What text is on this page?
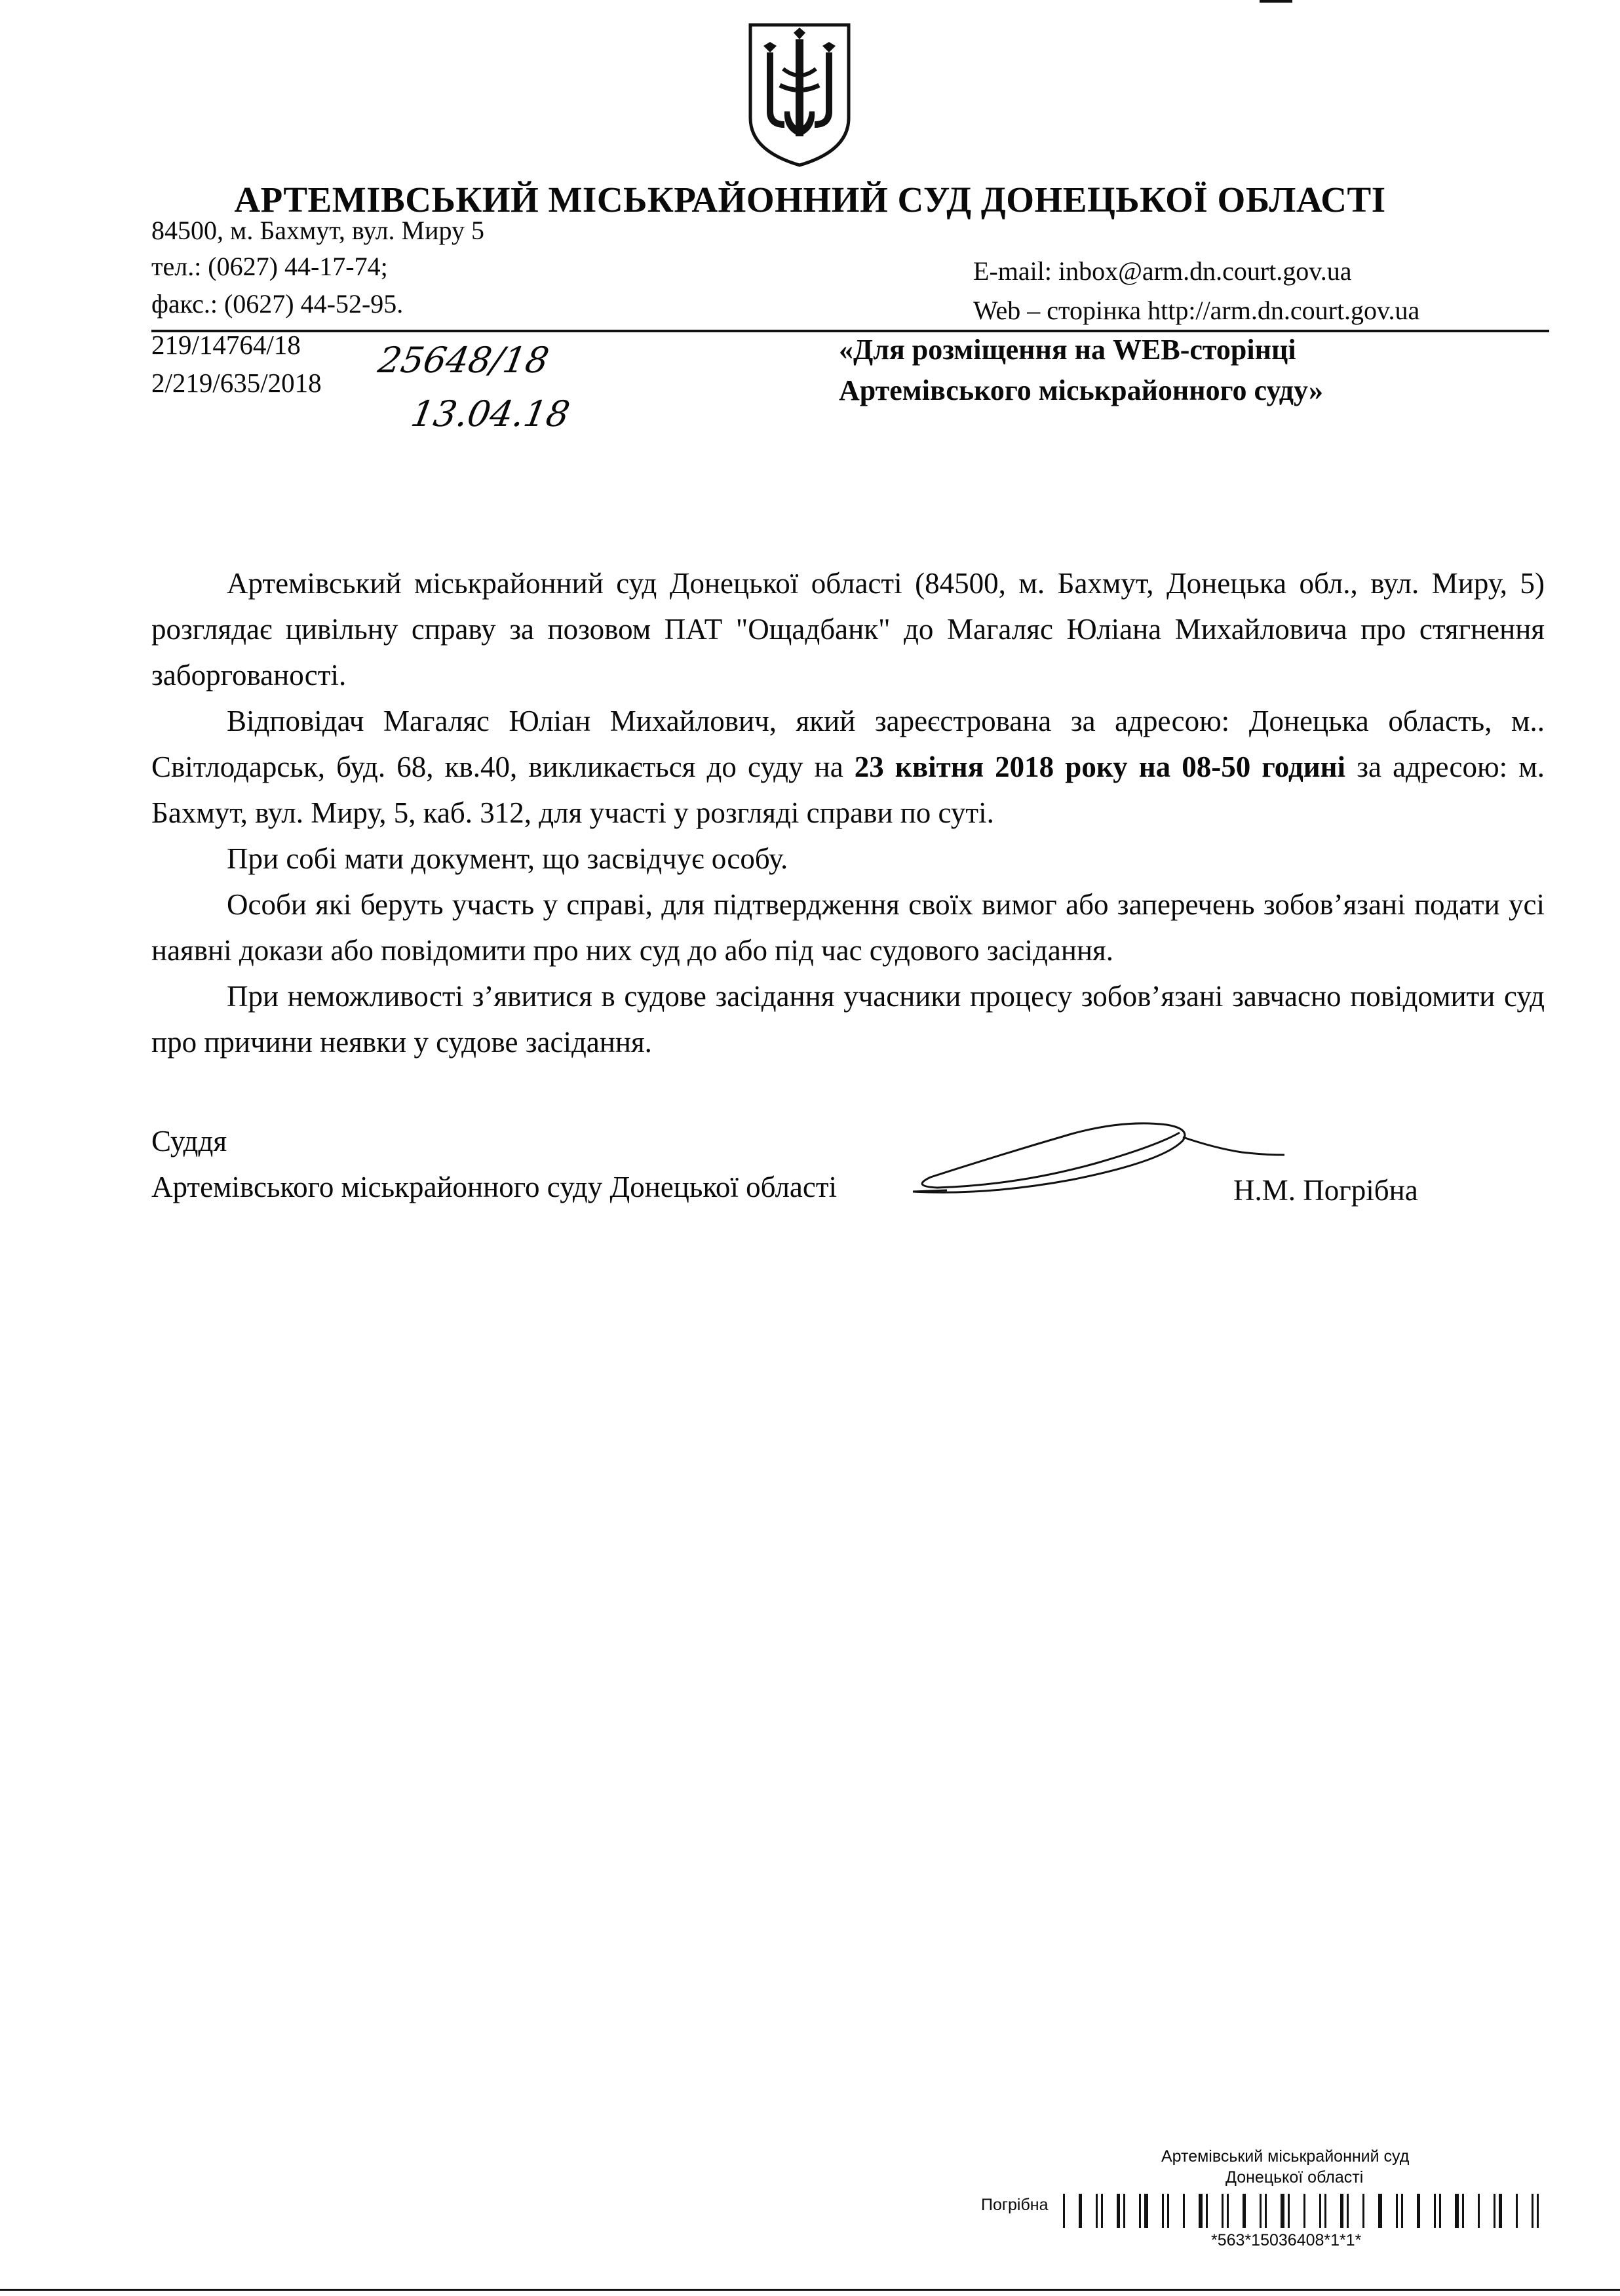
АРТЕМІВСЬКИЙ МІСЬКРАЙОННИЙ СУД ДОНЕЦЬКОЇ ОБЛАСТІ
84500, м. Бахмут, вул. Миру 5
тел.: (0627) 44-17-74;
факс.: (0627) 44-52-95.
E-mail: inbox@arm.dn.court.gov.ua
Web – сторінка http://arm.dn.court.gov.ua
219/14764/18
2/219/635/2018
25648/18
13.04.18
«Для розміщення на WEB-сторінці
Артемівського міськрайонного суду»

Артемівський міськрайонний суд Донецької області (84500, м. Бахмут, Донецька обл., вул. Миру, 5) розглядає цивільну справу за позовом ПАТ "Ощадбанк" до Магаляс Юліана Михайловича про стягнення заборгованості.

Відповідач Магаляс Юліан Михайлович, який зареєстрована за адресою: Донецька область, м.. Світлодарськ, буд. 68, кв.40, викликається до суду на 23 квітня 2018 року на 08-50 годині за адресою: м. Бахмут, вул. Миру, 5, каб. 312, для участі у розгляді справи по суті.

При собі мати документ, що засвідчує особу.

Особи які беруть участь у справі, для підтвердження своїх вимог або заперечень зобов’язані подати усі наявні докази або повідомити про них суд до або під час судового засідання.

При неможливості з’явитися в судове засідання учасники процесу зобов’язані завчасно повідомити суд про причини неявки у судове засідання.

Суддя
Артемівського міськрайонного суду Донецької області	Н.М. Погрібна
Артемівський міськрайонний суд
Донецької області
Погрібна
*563*15036408*1*1*
